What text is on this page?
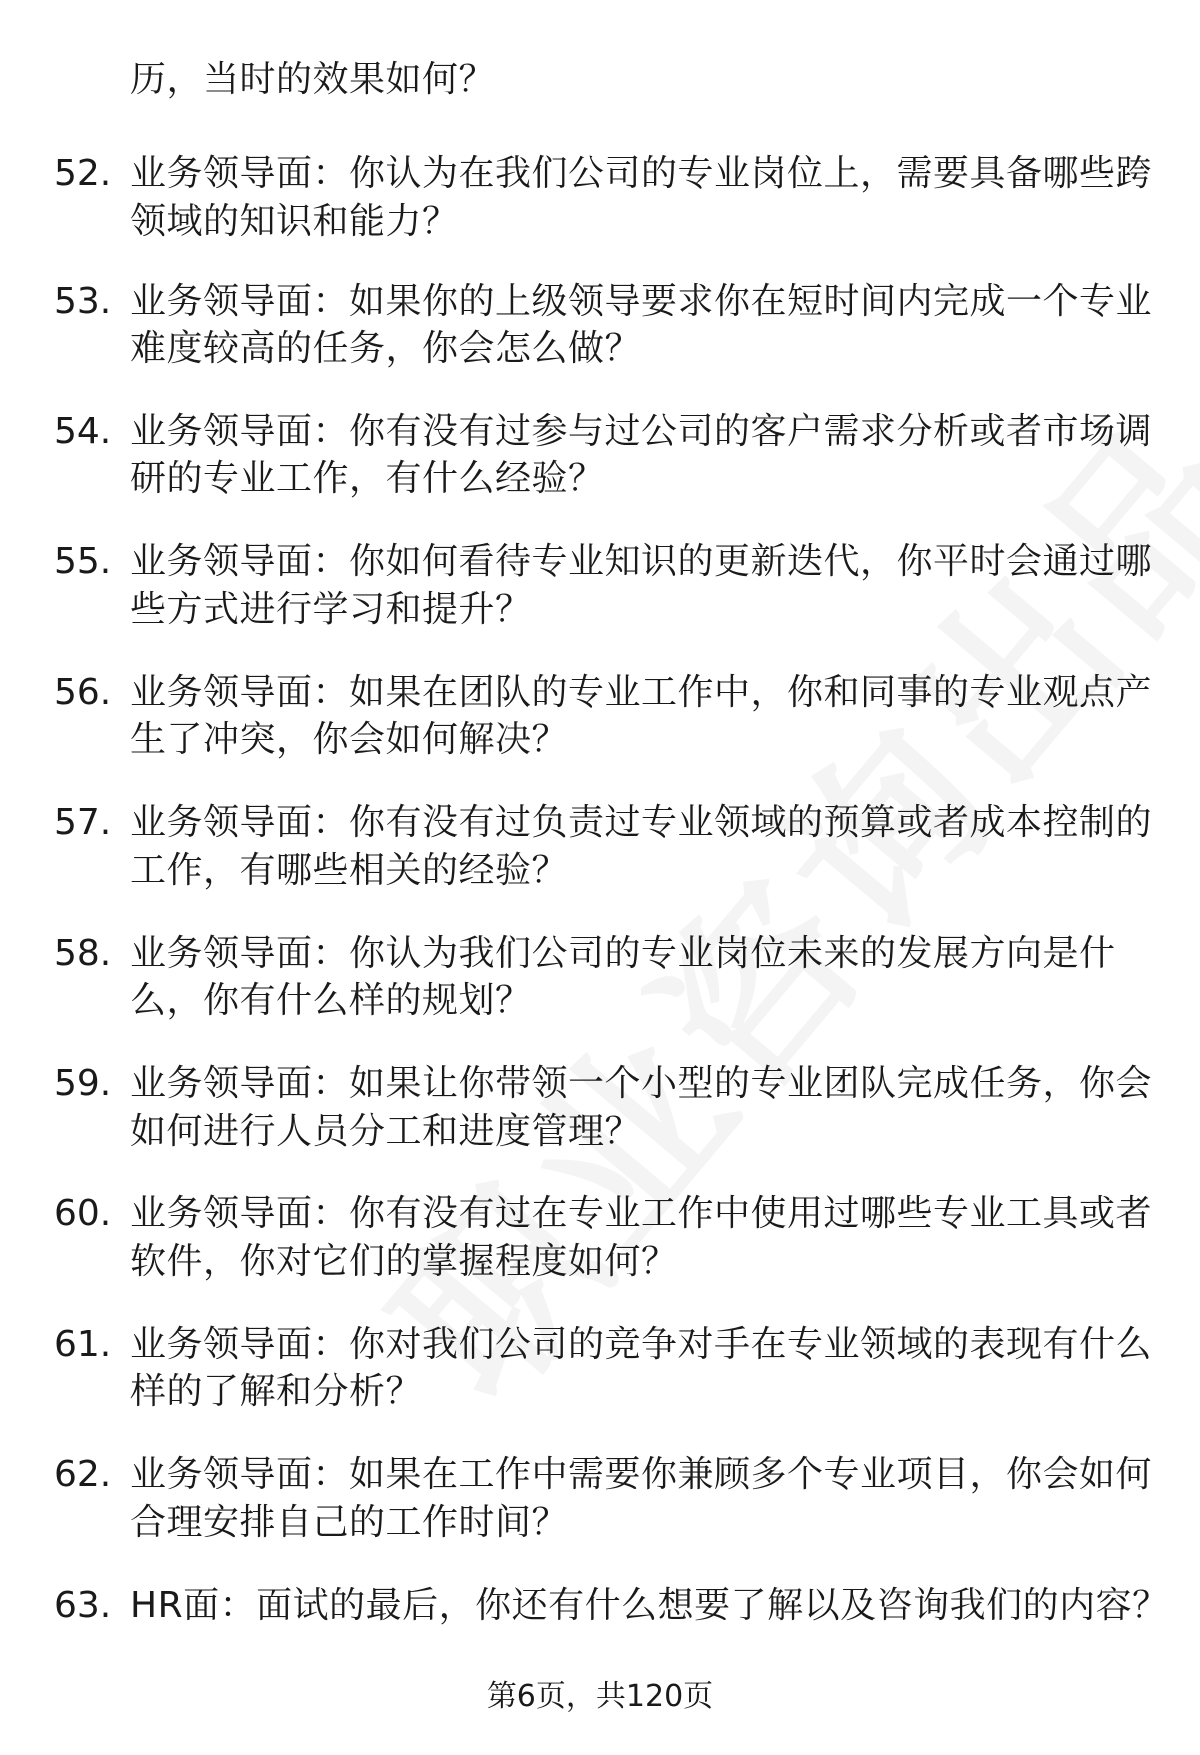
历，当时的效果如何？
52. 业务领导面：你认为在我们公司的专业岗位上，需要具备哪些跨
领域的知识和能力？
53. 业务领导面：如果你的上级领导要求你在短时间内完成一个专业
难度较高的任务，你会怎么做？
54. 业务领导面：你有没有过参与过公司的客户需求分析或者市场调
研的专业工作，有什么经验？
55. 业务领导面：你如何看待专业知识的更新迭代，你平时会通过哪
些方式进行学习和提升？
56. 业务领导面：如果在团队的专业工作中，你和同事的专业观点产
生了冲突，你会如何解决？
57. 业务领导面：你有没有过负责过专业领域的预算或者成本控制的
工作，有哪些相关的经验？
58. 业务领导面：你认为我们公司的专业岗位未来的发展方向是什
么，你有什么样的规划？
59. 业务领导面：如果让你带领一个小型的专业团队完成任务，你会
如何进行人员分工和进度管理？
60. 业务领导面：你有没有过在专业工作中使用过哪些专业工具或者
软件，你对它们的掌握程度如何？
61. 业务领导面：你对我们公司的竞争对手在专业领域的表现有什么
样的了解和分析？
62. 业务领导面：如果在工作中需要你兼顾多个专业项目，你会如何
合理安排自己的工作时间？
63. HR面：面试的最后，你还有什么想要了解以及咨询我们的内容？
第6页，共120页
